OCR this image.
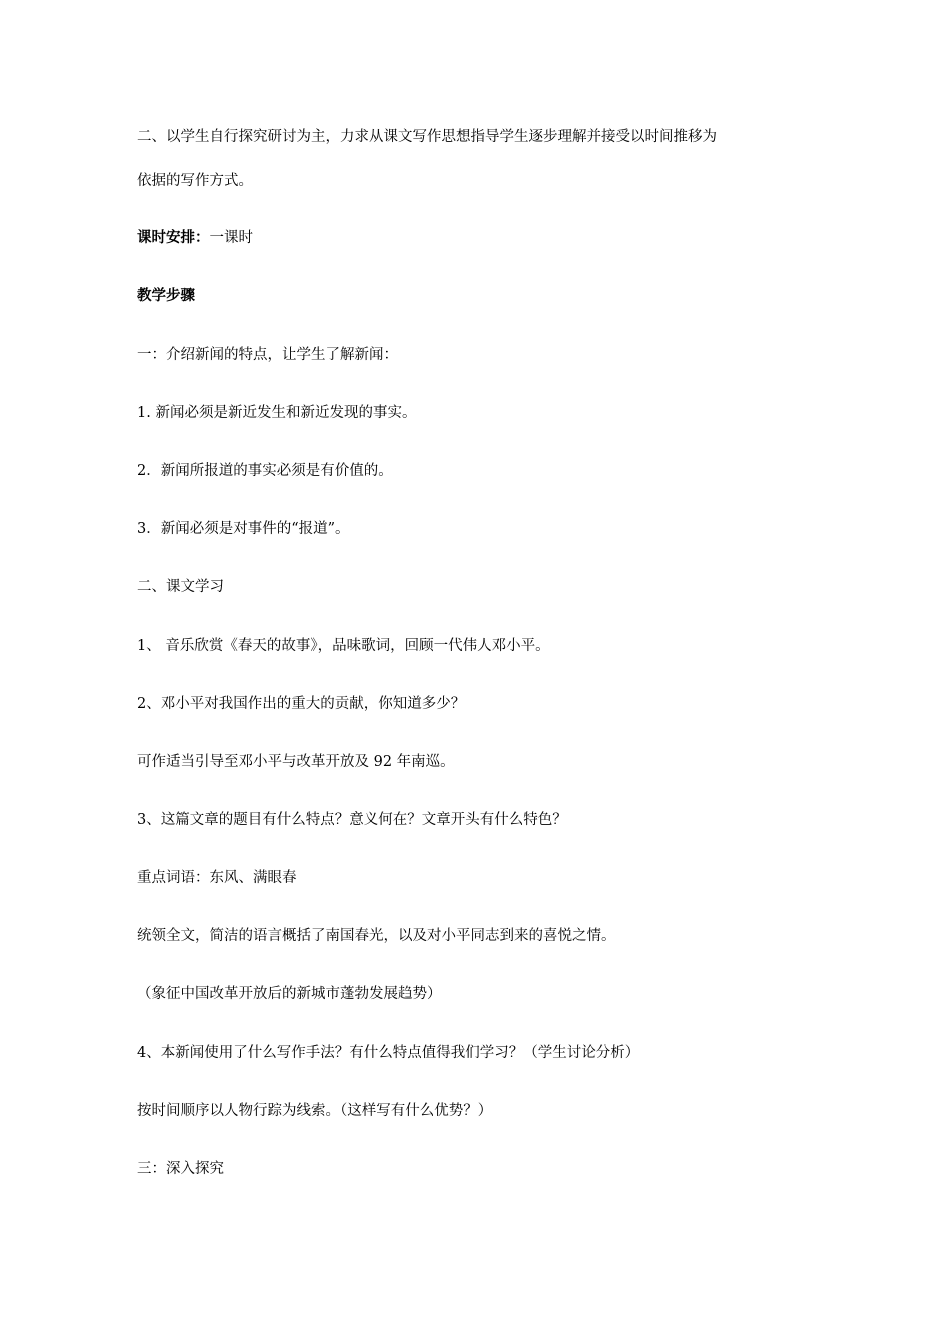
二、以学生自行探究研讨为主，力求从课文写作思想指导学生逐步理解并接受以时间推移为
依据的写作方式。
课时安排：一课时
教学步骤
一：介绍新闻的特点，让学生了解新闻：
1. 新闻必须是新近发生和新近发现的事实。
2．新闻所报道的事实必须是有价值的。
3．新闻必须是对事件的“报道”。
二、课文学习
1、 音乐欣赏《春天的故事》，品味歌词，回顾一代伟人邓小平。
2、邓小平对我国作出的重大的贡献，你知道多少？
可作适当引导至邓小平与改革开放及 92 年南巡。
3、这篇文章的题目有什么特点？意义何在？文章开头有什么特色？
重点词语：东风、满眼春
统领全文，简洁的语言概括了南国春光，以及对小平同志到来的喜悦之情。
（象征中国改革开放后的新城市蓬勃发展趋势）
4、本新闻使用了什么写作手法？有什么特点值得我们学习？（学生讨论分析）
按时间顺序以人物行踪为线索。（这样写有什么优势？）
三：深入探究
